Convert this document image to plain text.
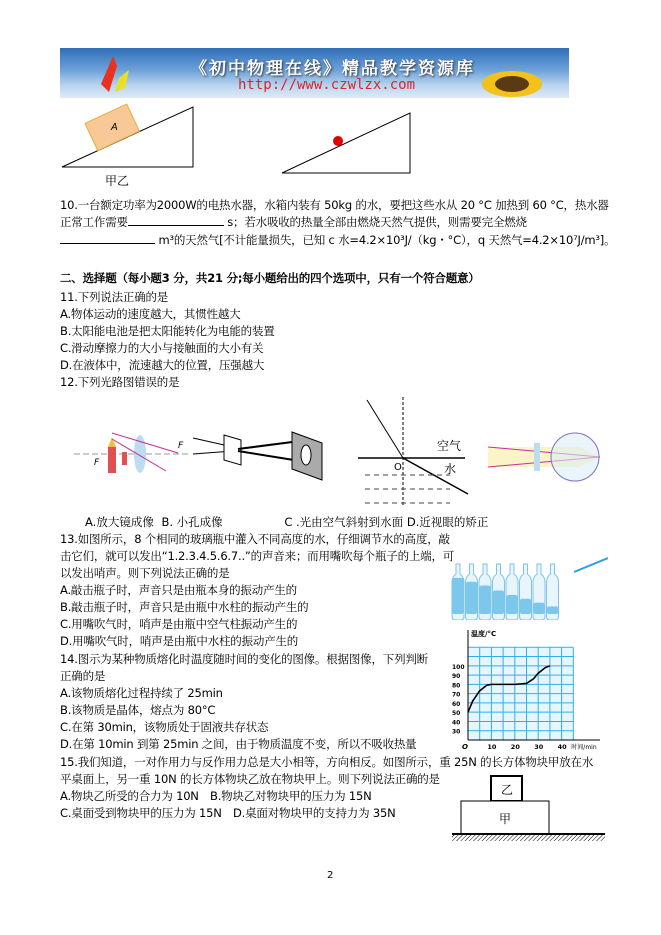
《初中物理在线》精品教学资源库
http://www.czwlzx.com
A
甲乙
10.一台额定功率为2000W的电热水器，水箱内装有 50kg 的水，要把这些水从 20 °C 加热到 60 °C，热水器
正常工作需要	s；若水吸收的热量全部由燃烧天然气提供，则需要完全燃烧
m³的天然气[不计能量损失，已知 c 水=4.2×10³J/（kg・°C），q 天然气=4.2×10⁷J/m³]。
二、选择题（每小题3 分，共21 分;每小题给出的四个选项中，只有一个符合题意）
11.下列说法正确的是
A.物体运动的速度越大，其惯性越大
B.太阳能电池是把太阳能转化为电能的装置
C.滑动摩擦力的大小与接触面的大小有关
D.在液体中，流速越大的位置，压强越大
12.下列光路图错误的是
F
F	空气
水
O
A.放大镜成像 B. 小孔成像	C .光由空气斜射到水面 D.近视眼的矫正
13.如图所示，8 个相同的玻璃瓶中灌入不同高度的水，仔细调节水的高度，敲
击它们，就可以发出“1.2.3.4.5.6.7..”的声音来；而用嘴吹每个瓶子的上端，可
以发出哨声。则下列说法正确的是
A.敲击瓶子时，声音只是由瓶本身的振动产生的
B.敲击瓶子时，声音只是由瓶中水柱的振动产生的
C.用嘴吹气时，哨声是由瓶中空气柱振动产生的
D.用嘴吹气时，哨声是由瓶中水柱的振动产生的
14.图示为某种物质熔化时温度随时间的变化的图像。根据图像，下列判断
正确的是
A.该物质熔化过程持续了 25min
B.该物质是晶体，熔点为 80°C
C.在第 30min，该物质处于固液共存状态
D.在第 10min 到第 25min 之间，由于物质温度不变，所以不吸收热量
30
40
50
60
70
80
90
100
10 20 30 40
O
温度/°C
时间/min
15.我们知道，一对作用力与反作用力总是大小相等，方向相反。如图所示，重 25N 的长方体物块甲放在水
平桌面上，另一重 10N 的长方体物块乙放在物块甲上。则下列说法正确的是
A.物块乙所受的合力为 10N　B.物块乙对物块甲的压力为 15N
C.桌面受到物块甲的压力为 15N　D.桌面对物块甲的支持力为 35N
乙
甲
2
